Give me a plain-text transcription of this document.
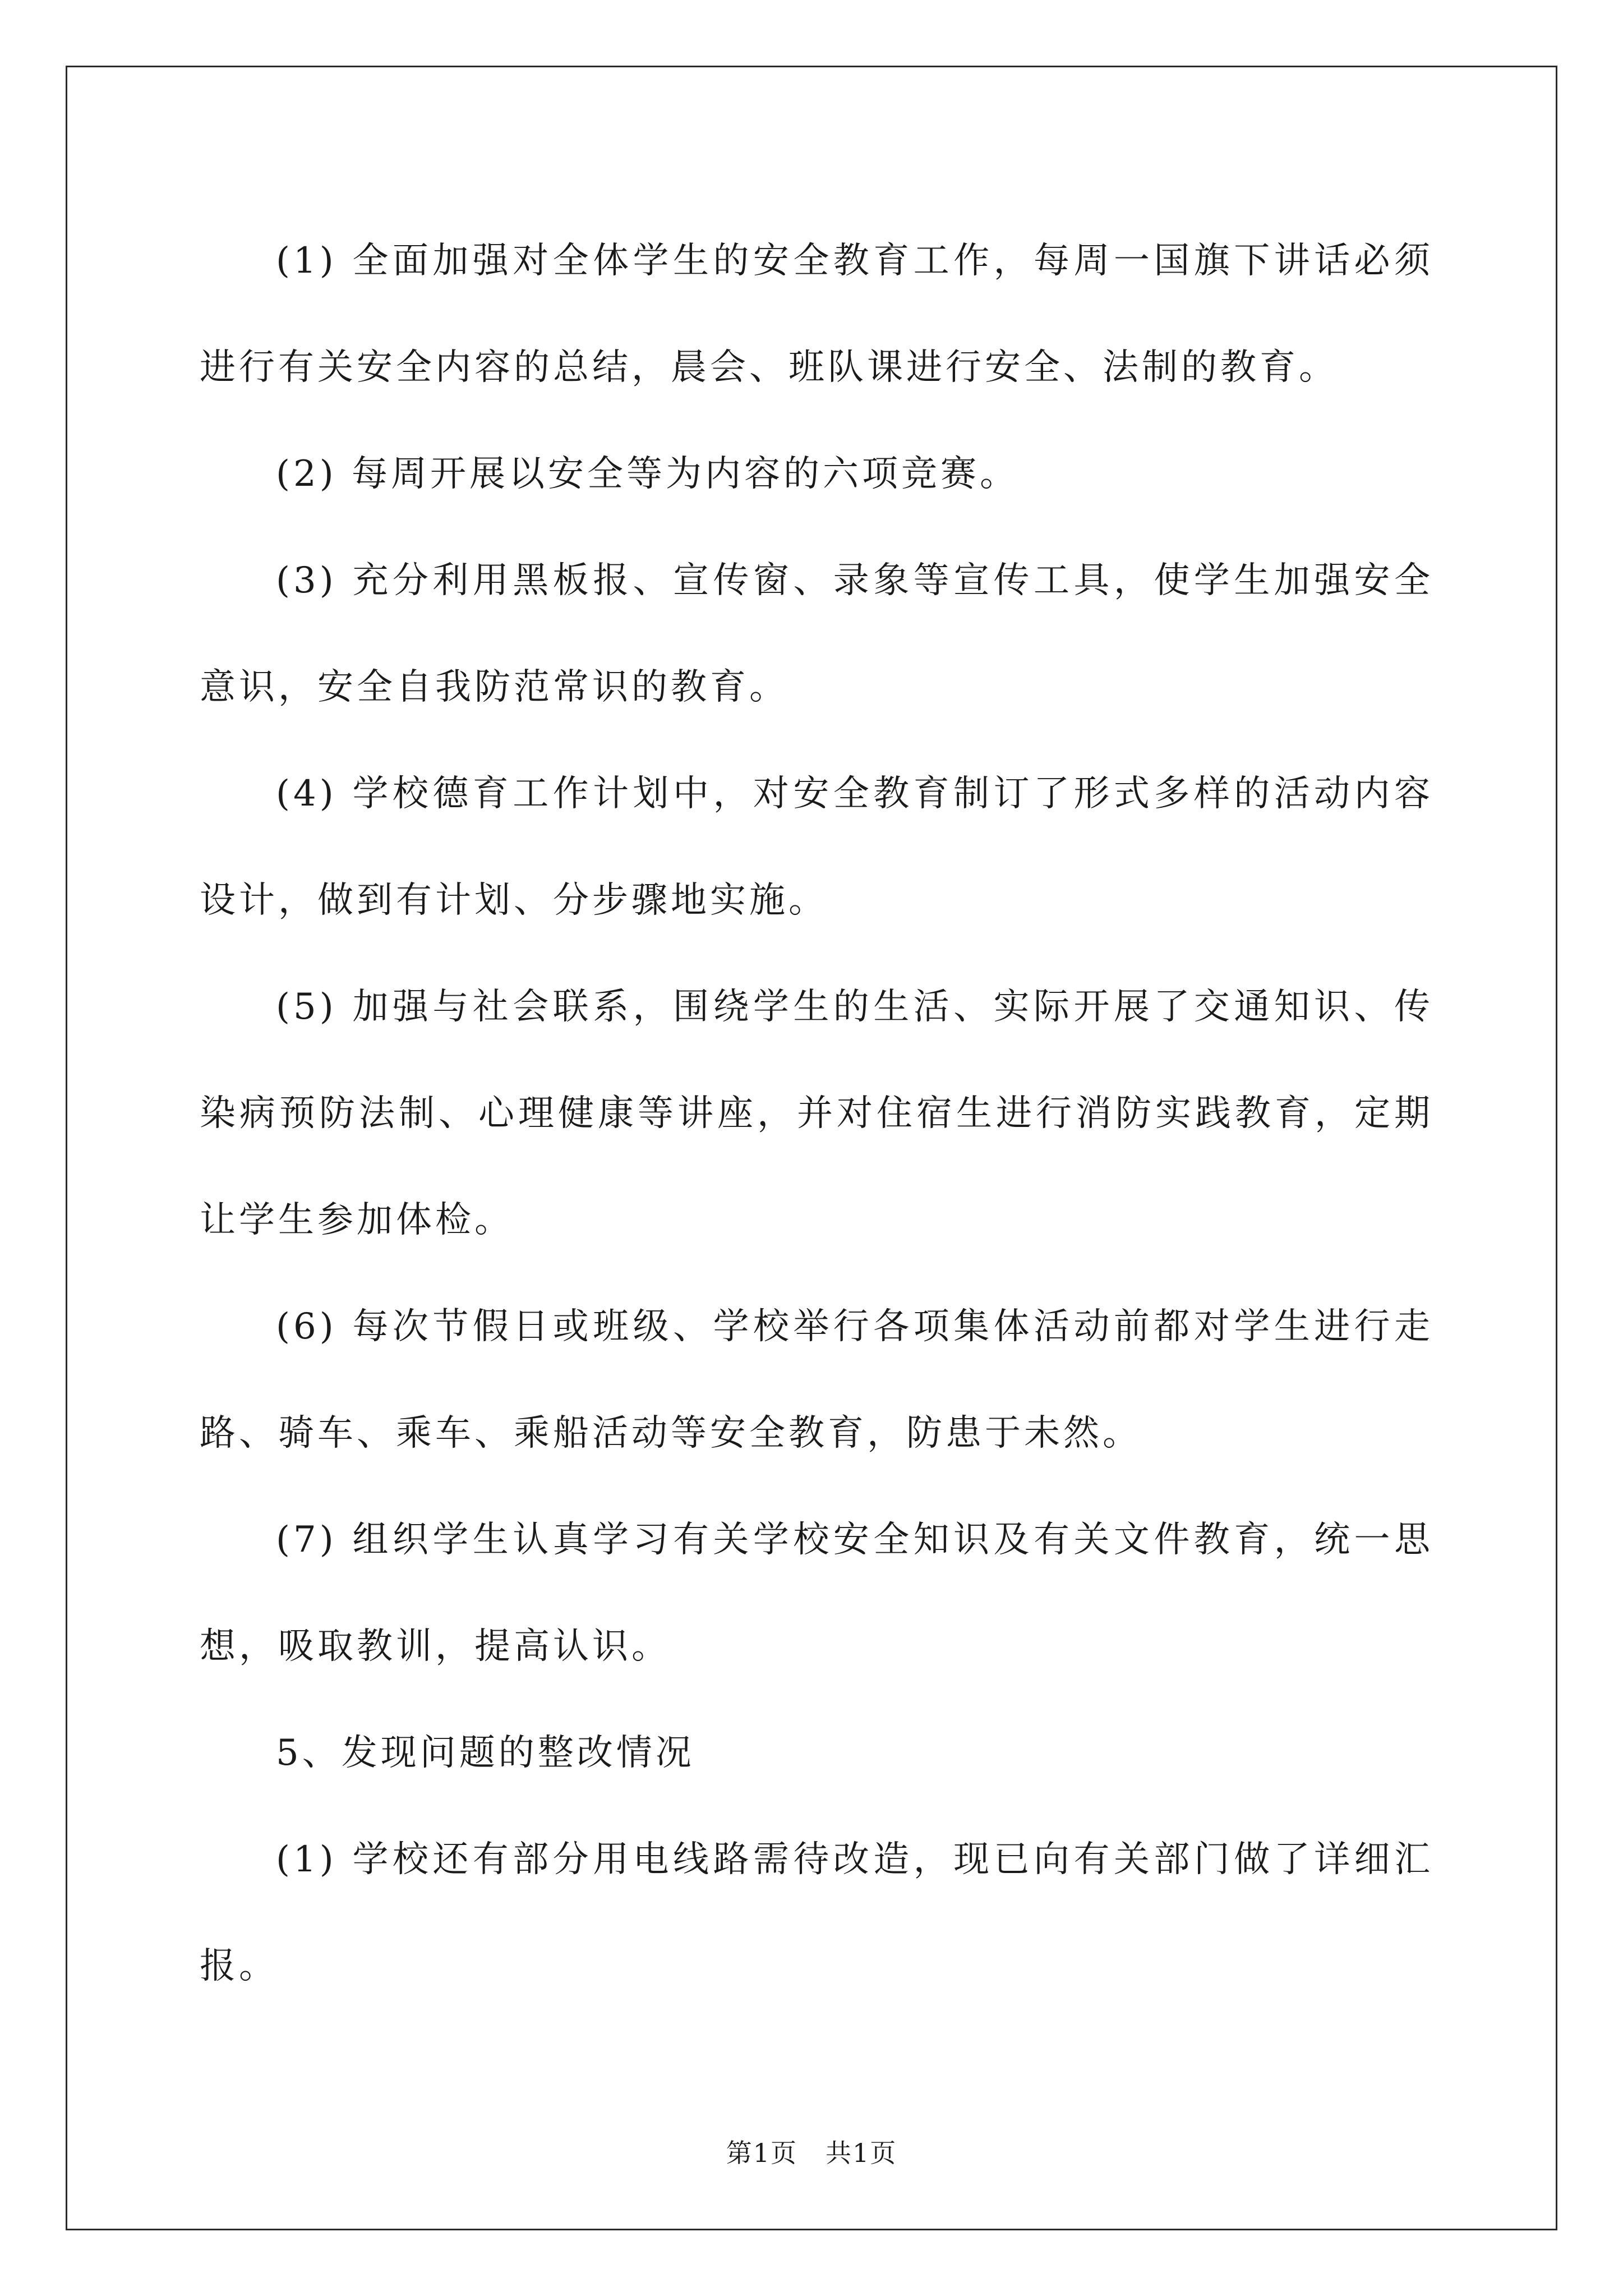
(1) 全面加强对全体学生的安全教育工作，每周一国旗下讲话必须进行有关安全内容的总结，晨会、班队课进行安全、法制的教育。

(2) 每周开展以安全等为内容的六项竞赛。

(3) 充分利用黑板报、宣传窗、录象等宣传工具，使学生加强安全意识，安全自我防范常识的教育。

(4) 学校德育工作计划中，对安全教育制订了形式多样的活动内容设计，做到有计划、分步骤地实施。

(5) 加强与社会联系，围绕学生的生活、实际开展了交通知识、传染病预防法制、心理健康等讲座，并对住宿生进行消防实践教育，定期让学生参加体检。

(6) 每次节假日或班级、学校举行各项集体活动前都对学生进行走路、骑车、乘车、乘船活动等安全教育，防患于未然。

(7) 组织学生认真学习有关学校安全知识及有关文件教育，统一思想，吸取教训，提高认识。

5、发现问题的整改情况

(1) 学校还有部分用电线路需待改造，现已向有关部门做了详细汇报。

第1页 共1页
